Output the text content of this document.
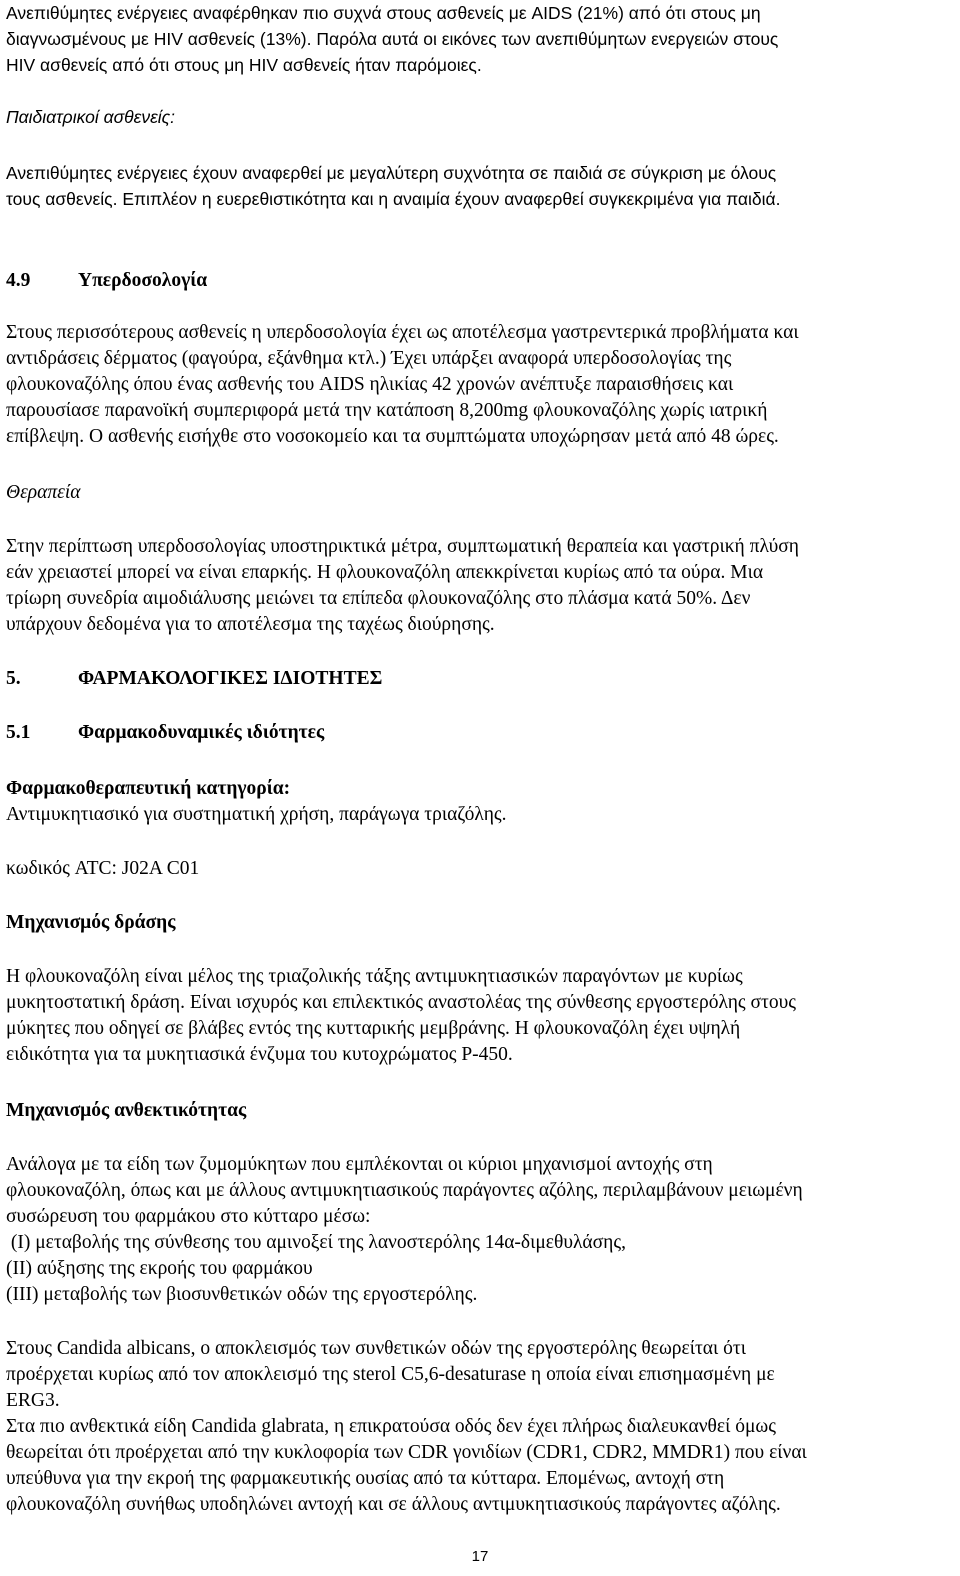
Ανεπιθύμητες ενέργειες αναφέρθηκαν πιο συχνά στους ασθενείς με AIDS (21%) από ότι στους μη
διαγνωσμένους με HIV ασθενείς (13%). Παρόλα αυτά οι εικόνες των ανεπιθύμητων ενεργειών στους
HIV ασθενείς από ότι στους μη HIV ασθενείς ήταν παρόμοιες.

Παιδιατρικοί ασθενείς:

Ανεπιθύμητες ενέργειες έχουν αναφερθεί με μεγαλύτερη συχνότητα σε παιδιά σε σύγκριση με όλους
τους ασθενείς. Επιπλέον η ευερεθιστικότητα και η αναιμία έχουν αναφερθεί συγκεκριμένα για παιδιά.

4.9 Υπερδοσολογία

Στους περισσότερους ασθενείς η υπερδοσολογία έχει ως αποτέλεσμα γαστρεντερικά προβλήματα και
αντιδράσεις δέρματος (φαγούρα, εξάνθημα κτλ.) Έχει υπάρξει αναφορά υπερδοσολογίας της
φλουκοναζόλης όπου ένας ασθενής του AIDS ηλικίας 42 χρονών ανέπτυξε παραισθήσεις και
παρουσίασε παρανοϊκή συμπεριφορά μετά την κατάποση 8,200mg φλουκοναζόλης χωρίς ιατρική
επίβλεψη. Ο ασθενής εισήχθε στο νοσοκομείο και τα συμπτώματα υποχώρησαν μετά από 48 ώρες.

Θεραπεία

Στην περίπτωση υπερδοσολογίας υποστηρικτικά μέτρα, συμπτωματική θεραπεία και γαστρική πλύση
εάν χρειαστεί μπορεί να είναι επαρκής. Η φλουκοναζόλη απεκκρίνεται κυρίως από τα ούρα. Μια
τρίωρη συνεδρία αιμοδιάλυσης μειώνει τα επίπεδα φλουκοναζόλης στο πλάσμα κατά 50%. Δεν
υπάρχουν δεδομένα για το αποτέλεσμα της ταχέως διούρησης.

5.	ΦΑΡΜΑΚΟΛΟΓΙΚΕΣ ΙΔΙΟΤΗΤΕΣ

5.1 Φαρμακοδυναμικές ιδιότητες

Φαρμακοθεραπευτική κατηγορία:
Αντιμυκητιασικό για συστηματική χρήση, παράγωγα τριαζόλης.

κωδικός ATC: J02A C01

Μηχανισμός δράσης

Η φλουκοναζόλη είναι μέλος της τριαζολικής τάξης αντιμυκητιασικών παραγόντων με κυρίως
μυκητοστατική δράση. Είναι ισχυρός και επιλεκτικός αναστολέας της σύνθεσης εργοστερόλης στους
μύκητες που οδηγεί σε βλάβες εντός της κυτταρικής μεμβράνης. Η φλουκοναζόλη έχει υψηλή
ειδικότητα για τα μυκητιασικά ένζυμα του κυτοχρώματος P-450.

Μηχανισμός ανθεκτικότητας

Ανάλογα με τα είδη των ζυμομύκητων που εμπλέκονται οι κύριοι μηχανισμοί αντοχής στη
φλουκοναζόλη, όπως και με άλλους αντιμυκητιασικούς παράγοντες αζόλης, περιλαμβάνουν μειωμένη
συσώρευση του φαρμάκου στο κύτταρο μέσω:
(Ι) μεταβολής της σύνθεσης του αμινοξεί της λανοστερόλης 14α-διμεθυλάσης,
(ΙΙ) αύξησης της εκροής του φαρμάκου
(ΙΙΙ) μεταβολής των βιοσυνθετικών οδών της εργοστερόλης.

Στους Candida albicans, ο αποκλεισμός των συνθετικών οδών της εργοστερόλης θεωρείται ότι
προέρχεται κυρίως από τον αποκλεισμό της sterol C5,6-desaturase η οποία είναι επισημασμένη με
ERG3.
Στα πιο ανθεκτικά είδη Candida glabrata, η επικρατούσα οδός δεν έχει πλήρως διαλευκανθεί όμως
θεωρείται ότι προέρχεται από την κυκλοφορία των CDR γονιδίων (CDR1, CDR2, MMDR1) που είναι
υπεύθυνα για την εκροή της φαρμακευτικής ουσίας από τα κύτταρα. Επομένως, αντοχή στη
φλουκοναζόλη συνήθως υποδηλώνει αντοχή και σε άλλους αντιμυκητιασικούς παράγοντες αζόλης.

17
